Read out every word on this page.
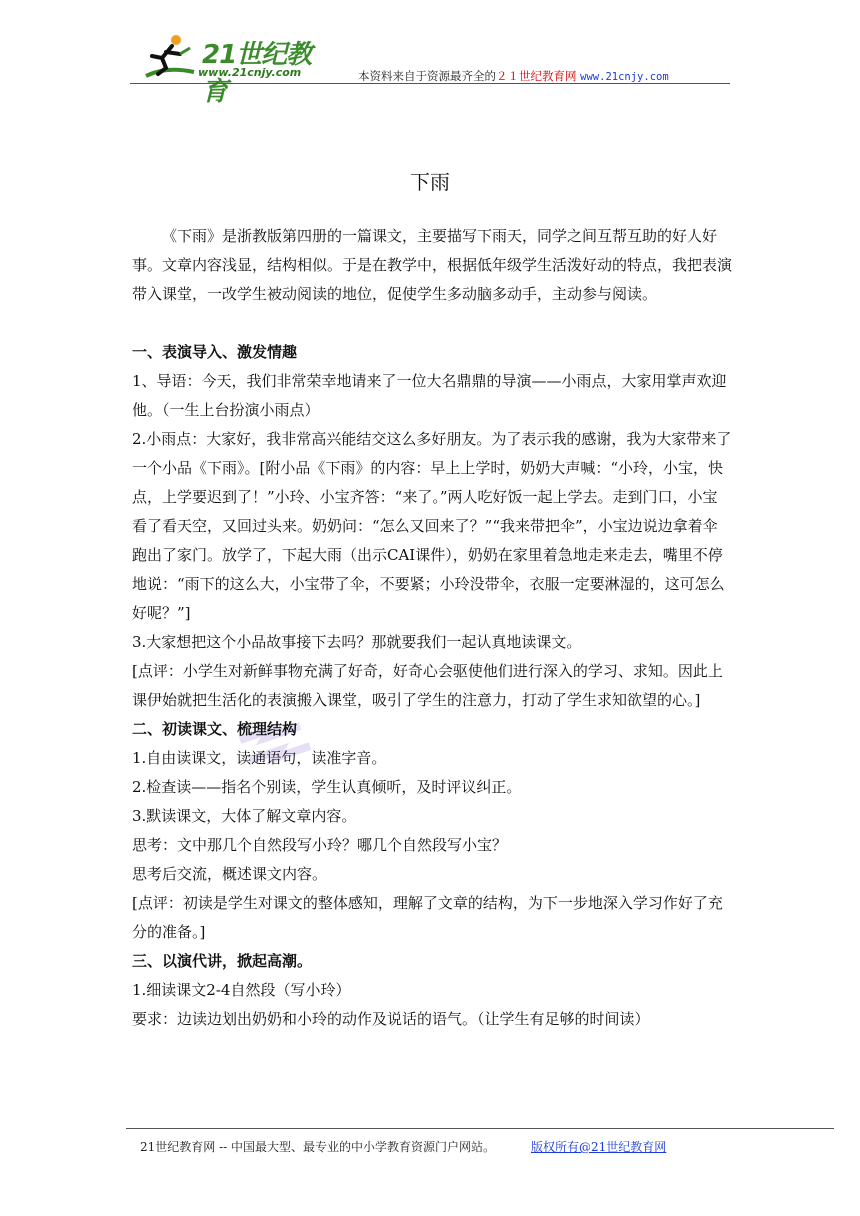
21世纪教育
www.21cnjy.com	本资料来自于资源最齐全的２１世纪教育网 www.21cnjy.com
下雨

《下雨》是浙教版第四册的一篇课文，主要描写下雨天，同学之间互帮互助的好人好事。文章内容浅显，结构相似。于是在教学中，根据低年级学生活泼好动的特点，我把表演带入课堂，一改学生被动阅读的地位，促使学生多动脑多动手，主动参与阅读。

一、表演导入、激发情趣

1、导语：今天，我们非常荣幸地请来了一位大名鼎鼎的导演——小雨点，大家用掌声欢迎他。（一生上台扮演小雨点）

2.小雨点：大家好，我非常高兴能结交这么多好朋友。为了表示我的感谢，我为大家带来了一个小品《下雨》。[附小品《下雨》的内容：早上上学时，奶奶大声喊：“小玲，小宝，快点，上学要迟到了！”小玲、小宝齐答：“来了。”两人吃好饭一起上学去。走到门口，小宝看了看天空，又回过头来。奶奶问：“怎么又回来了？”“我来带把伞”，小宝边说边拿着伞跑出了家门。放学了，下起大雨（出示CAI课件），奶奶在家里着急地走来走去，嘴里不停地说：“雨下的这么大，小宝带了伞，不要紧；小玲没带伞，衣服一定要淋湿的，这可怎么好呢？”]

3.大家想把这个小品故事接下去吗？那就要我们一起认真地读课文。

[点评：小学生对新鲜事物充满了好奇，好奇心会驱使他们进行深入的学习、求知。因此上课伊始就把生活化的表演搬入课堂，吸引了学生的注意力，打动了学生求知欲望的心。]

二、初读课文、梳理结构

1.自由读课文，读通语句，读准字音。

2.检查读——指名个别读，学生认真倾听，及时评议纠正。

3.默读课文，大体了解文章内容。

思考：文中那几个自然段写小玲？哪几个自然段写小宝？

思考后交流，概述课文内容。

[点评：初读是学生对课文的整体感知，理解了文章的结构，为下一步地深入学习作好了充分的准备。]

三、以演代讲，掀起高潮。

1.细读课文2-4自然段（写小玲）

要求：边读边划出奶奶和小玲的动作及说话的语气。（让学生有足够的时间读）

21世纪教育网 -- 中国最大型、最专业的中小学教育资源门户网站。	版权所有@21世纪教育网
